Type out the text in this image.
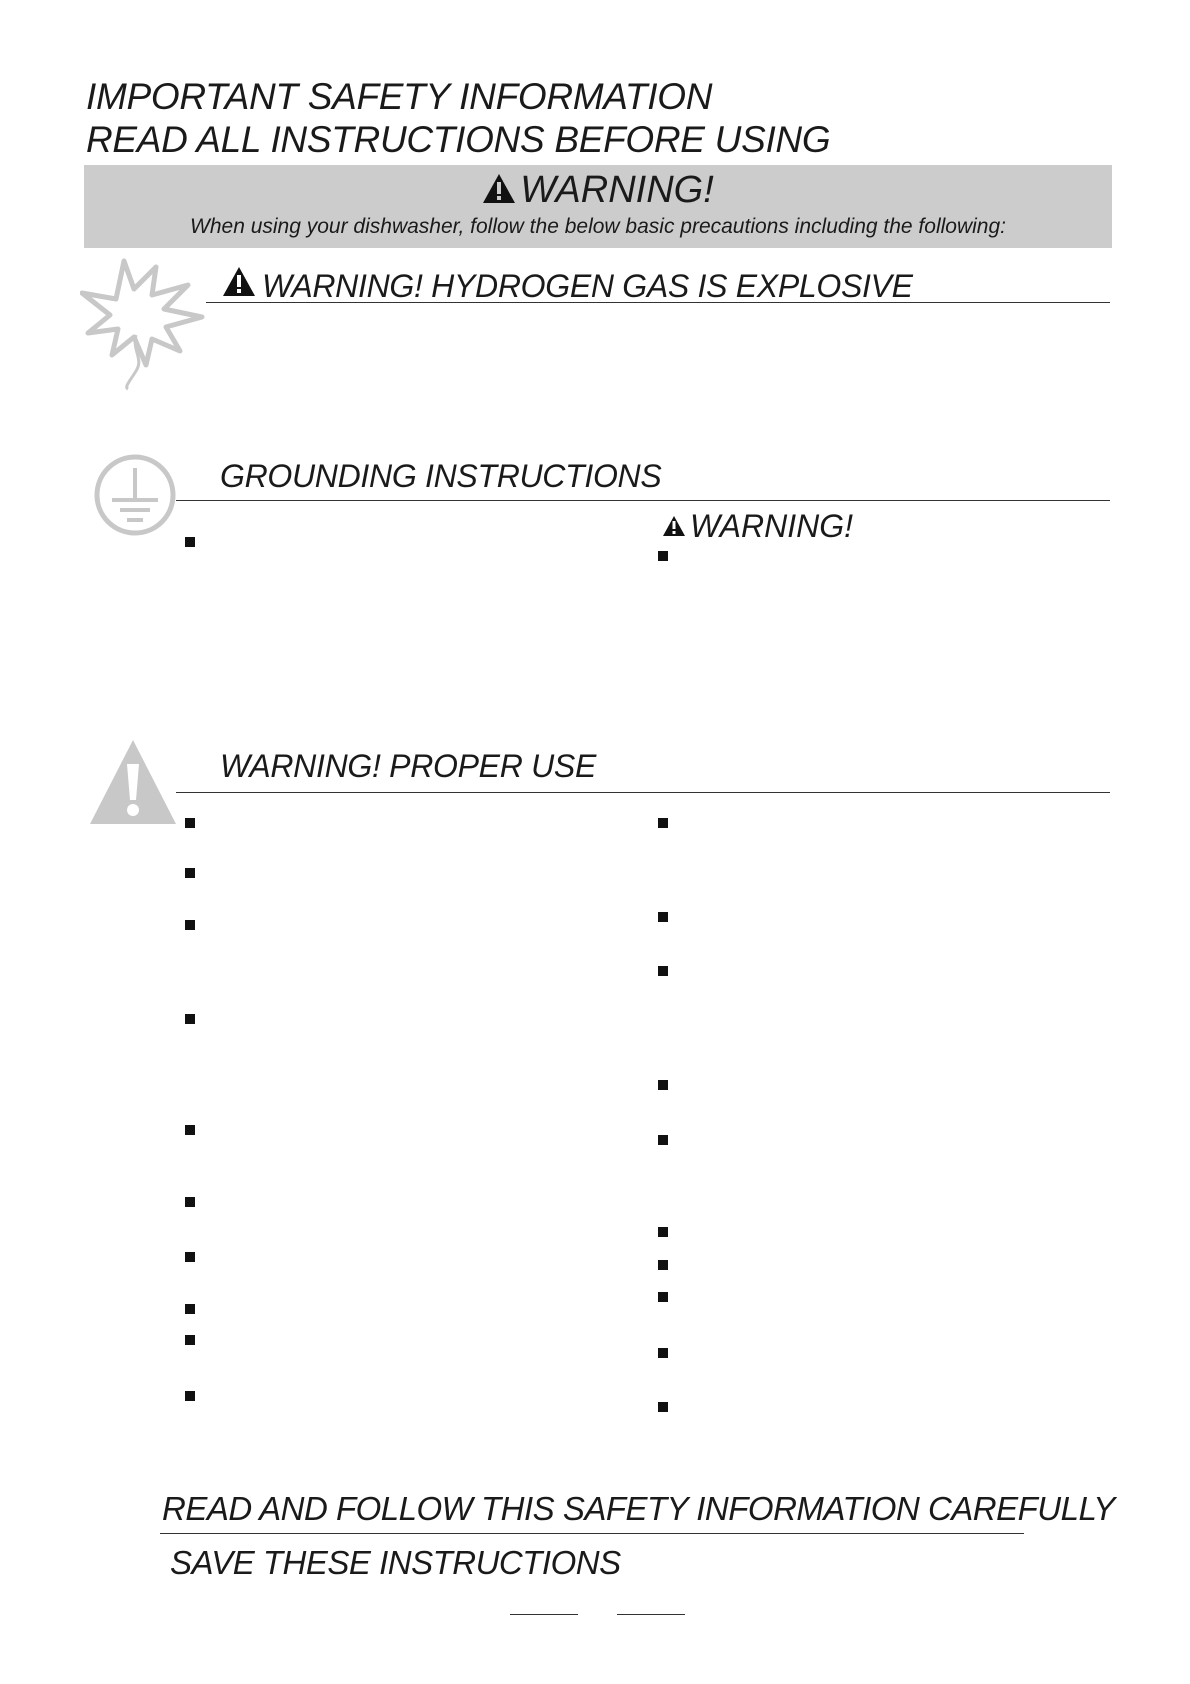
IMPORTANT SAFETY INFORMATION
READ ALL INSTRUCTIONS BEFORE USING
WARNING!
When using your dishwasher, follow the below basic precautions including the following:
WARNING! HYDROGEN GAS IS EXPLOSIVE
GROUNDING INSTRUCTIONS
WARNING!
WARNING! PROPER USE
READ AND FOLLOW THIS SAFETY INFORMATION CAREFULLY
SAVE THESE INSTRUCTIONS
